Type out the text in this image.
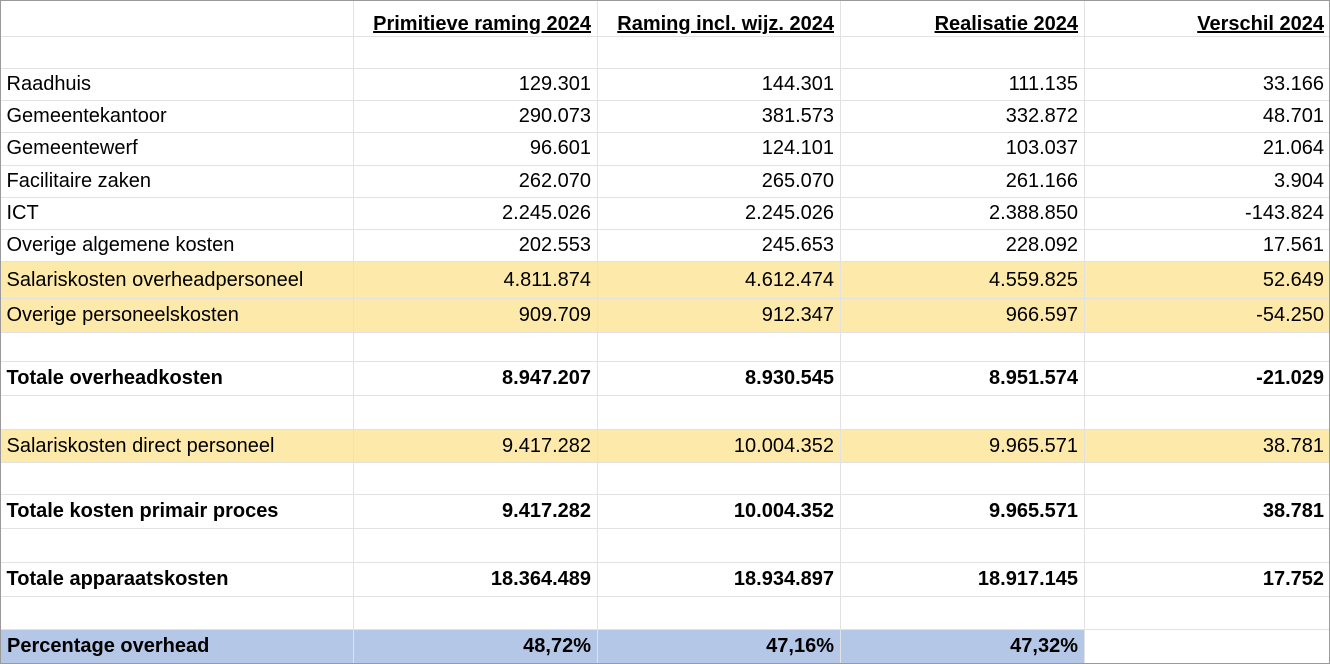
	Primitieve raming 2024	Raming incl. wijz. 2024	Realisatie 2024	Verschil 2024

Raadhuis	129.301	144.301	111.135	33.166
Gemeentekantoor	290.073	381.573	332.872	48.701
Gemeentewerf	96.601	124.101	103.037	21.064
Facilitaire zaken	262.070	265.070	261.166	3.904
ICT	2.245.026	2.245.026	2.388.850	-143.824
Overige algemene kosten	202.553	245.653	228.092	17.561
Salariskosten overheadpersoneel	4.811.874	4.612.474	4.559.825	52.649
Overige personeelskosten	909.709	912.347	966.597	-54.250

Totale overheadkosten	8.947.207	8.930.545	8.951.574	-21.029

Salariskosten direct personeel	9.417.282	10.004.352	9.965.571	38.781

Totale kosten primair proces	9.417.282	10.004.352	9.965.571	38.781

Totale apparaatskosten	18.364.489	18.934.897	18.917.145	17.752

Percentage overhead	48,72%	47,16%	47,32%	
